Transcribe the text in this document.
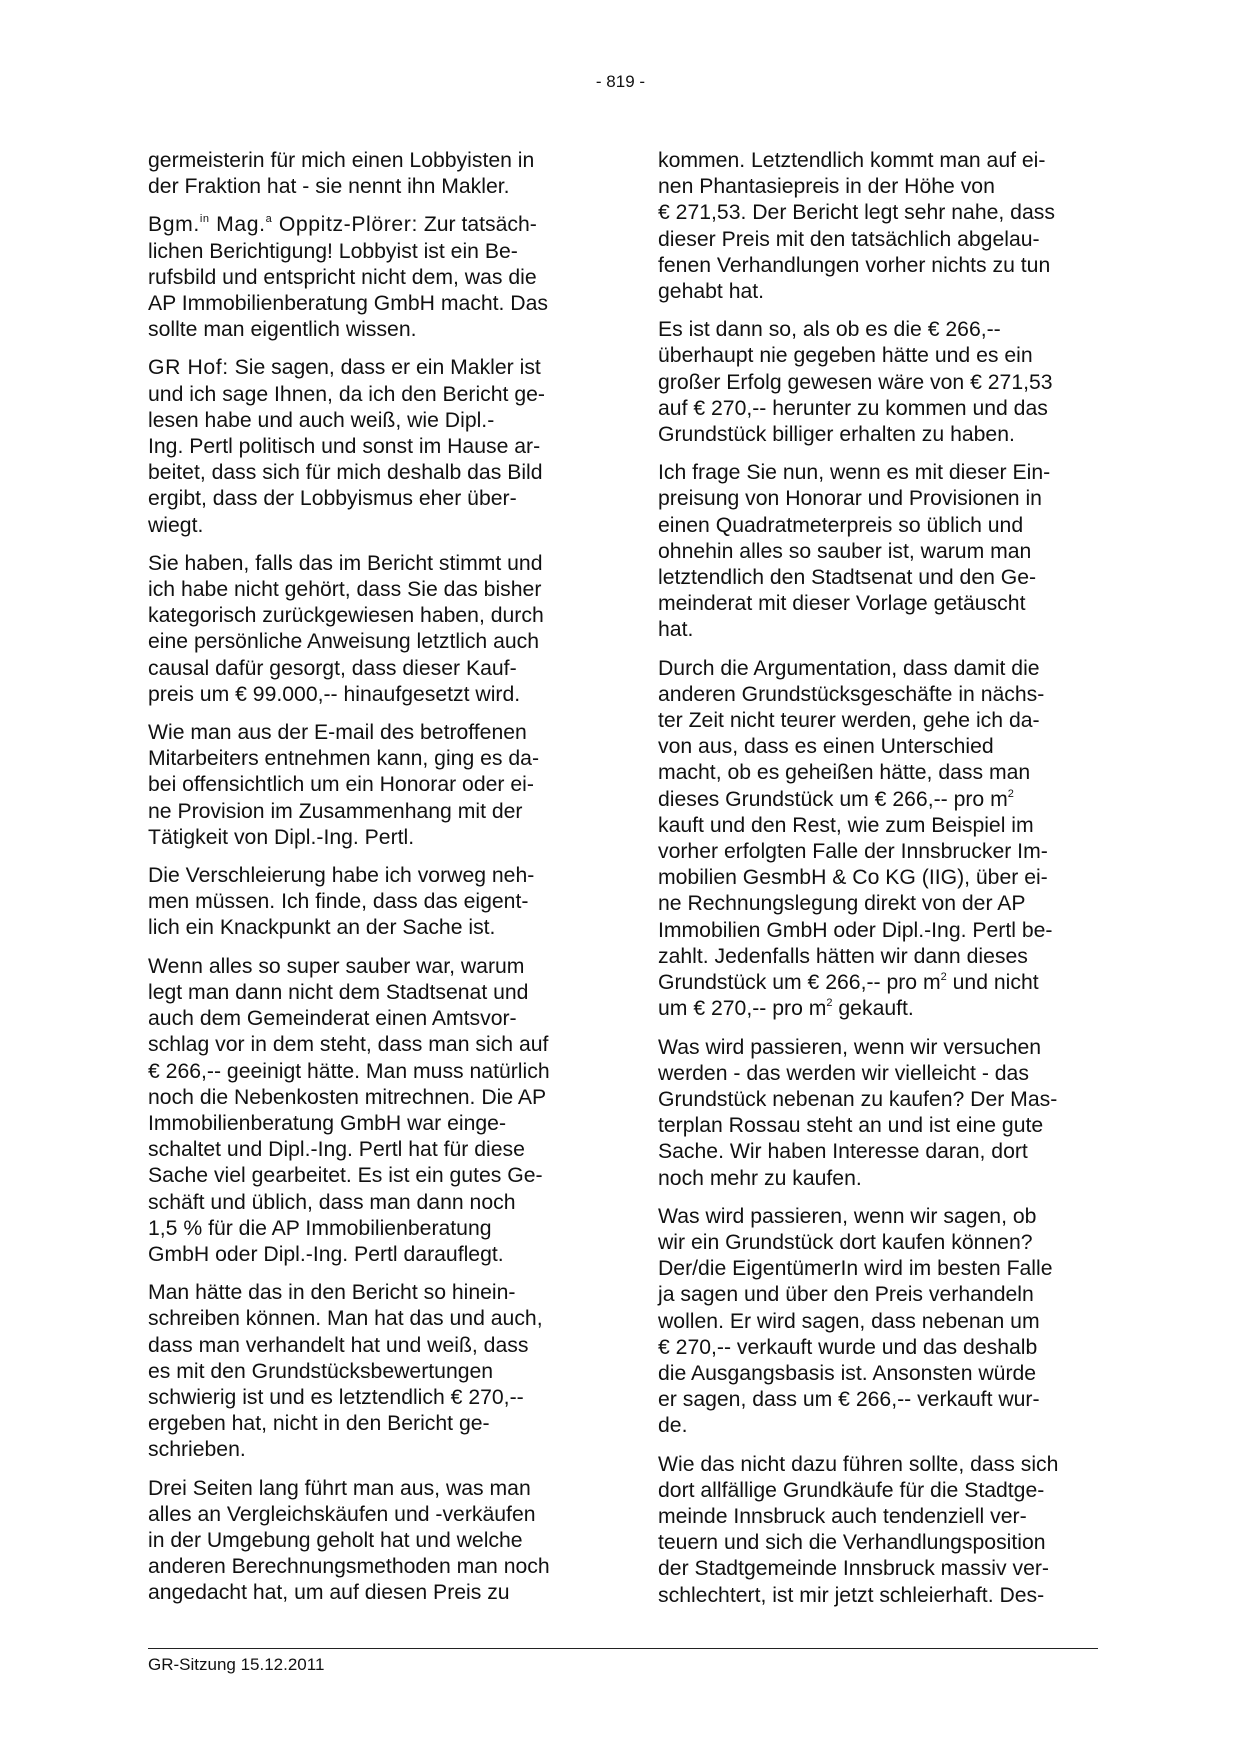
- 819 -
germeisterin für mich einen Lobbyisten in
der Fraktion hat - sie nennt ihn Makler.
Bgm.$^{in}$ Mag.$^a$ Oppitz-Plörer: Zur tatsäch-
lichen Berichtigung! Lobbyist ist ein Be-
rufsbild und entspricht nicht dem, was die
AP Immobilienberatung GmbH macht. Das
sollte man eigentlich wissen.
GR Hof: Sie sagen, dass er ein Makler ist
und ich sage Ihnen, da ich den Bericht ge-
lesen habe und auch weiß, wie Dipl.-
Ing. Pertl politisch und sonst im Hause ar-
beitet, dass sich für mich deshalb das Bild
ergibt, dass der Lobbyismus eher über-
wiegt.
Sie haben, falls das im Bericht stimmt und
ich habe nicht gehört, dass Sie das bisher
kategorisch zurückgewiesen haben, durch
eine persönliche Anweisung letztlich auch
causal dafür gesorgt, dass dieser Kauf-
preis um € 99.000,-- hinaufgesetzt wird.
Wie man aus der E-mail des betroffenen
Mitarbeiters entnehmen kann, ging es da-
bei offensichtlich um ein Honorar oder ei-
ne Provision im Zusammenhang mit der
Tätigkeit von Dipl.-Ing. Pertl.
Die Verschleierung habe ich vorweg neh-
men müssen. Ich finde, dass das eigent-
lich ein Knackpunkt an der Sache ist.
Wenn alles so super sauber war, warum
legt man dann nicht dem Stadtsenat und
auch dem Gemeinderat einen Amtsvor-
schlag vor in dem steht, dass man sich auf
€ 266,-- geeinigt hätte. Man muss natürlich
noch die Nebenkosten mitrechnen. Die AP
Immobilienberatung GmbH war einge-
schaltet und Dipl.-Ing. Pertl hat für diese
Sache viel gearbeitet. Es ist ein gutes Ge-
schäft und üblich, dass man dann noch
1,5 % für die AP Immobilienberatung
GmbH oder Dipl.-Ing. Pertl darauflegt.
Man hätte das in den Bericht so hinein-
schreiben können. Man hat das und auch,
dass man verhandelt hat und weiß, dass
es mit den Grundstücksbewertungen
schwierig ist und es letztendlich € 270,--
ergeben hat, nicht in den Bericht ge-
schrieben.
Drei Seiten lang führt man aus, was man
alles an Vergleichskäufen und -verkäufen
in der Umgebung geholt hat und welche
anderen Berechnungsmethoden man noch
angedacht hat, um auf diesen Preis zu
kommen. Letztendlich kommt man auf ei-
nen Phantasiepreis in der Höhe von
€ 271,53. Der Bericht legt sehr nahe, dass
dieser Preis mit den tatsächlich abgelau-
fenen Verhandlungen vorher nichts zu tun
gehabt hat.
Es ist dann so, als ob es die € 266,--
überhaupt nie gegeben hätte und es ein
großer Erfolg gewesen wäre von € 271,53
auf € 270,-- herunter zu kommen und das
Grundstück billiger erhalten zu haben.
Ich frage Sie nun, wenn es mit dieser Ein-
preisung von Honorar und Provisionen in
einen Quadratmeterpreis so üblich und
ohnehin alles so sauber ist, warum man
letztendlich den Stadtsenat und den Ge-
meinderat mit dieser Vorlage getäuscht
hat.
Durch die Argumentation, dass damit die
anderen Grundstücksgeschäfte in nächs-
ter Zeit nicht teurer werden, gehe ich da-
von aus, dass es einen Unterschied
macht, ob es geheißen hätte, dass man
dieses Grundstück um € 266,-- pro $m^2$
kauft und den Rest, wie zum Beispiel im
vorher erfolgten Falle der Innsbrucker Im-
mobilien GesmbH & Co KG (IIG), über ei-
ne Rechnungslegung direkt von der AP
Immobilien GmbH oder Dipl.-Ing. Pertl be-
zahlt. Jedenfalls hätten wir dann dieses
Grundstück um € 266,-- pro $m^2$ und nicht
um € 270,-- pro $m^2$ gekauft.
Was wird passieren, wenn wir versuchen
werden - das werden wir vielleicht - das
Grundstück nebenan zu kaufen? Der Mas-
terplan Rossau steht an und ist eine gute
Sache. Wir haben Interesse daran, dort
noch mehr zu kaufen.
Was wird passieren, wenn wir sagen, ob
wir ein Grundstück dort kaufen können?
Der/die EigentümerIn wird im besten Falle
ja sagen und über den Preis verhandeln
wollen. Er wird sagen, dass nebenan um
€ 270,-- verkauft wurde und das deshalb
die Ausgangsbasis ist. Ansonsten würde
er sagen, dass um € 266,-- verkauft wur-
de.
Wie das nicht dazu führen sollte, dass sich
dort allfällige Grundkäufe für die Stadtge-
meinde Innsbruck auch tendenziell ver-
teuern und sich die Verhandlungsposition
der Stadtgemeinde Innsbruck massiv ver-
schlechtert, ist mir jetzt schleierhaft. Des-
GR-Sitzung 15.12.2011
